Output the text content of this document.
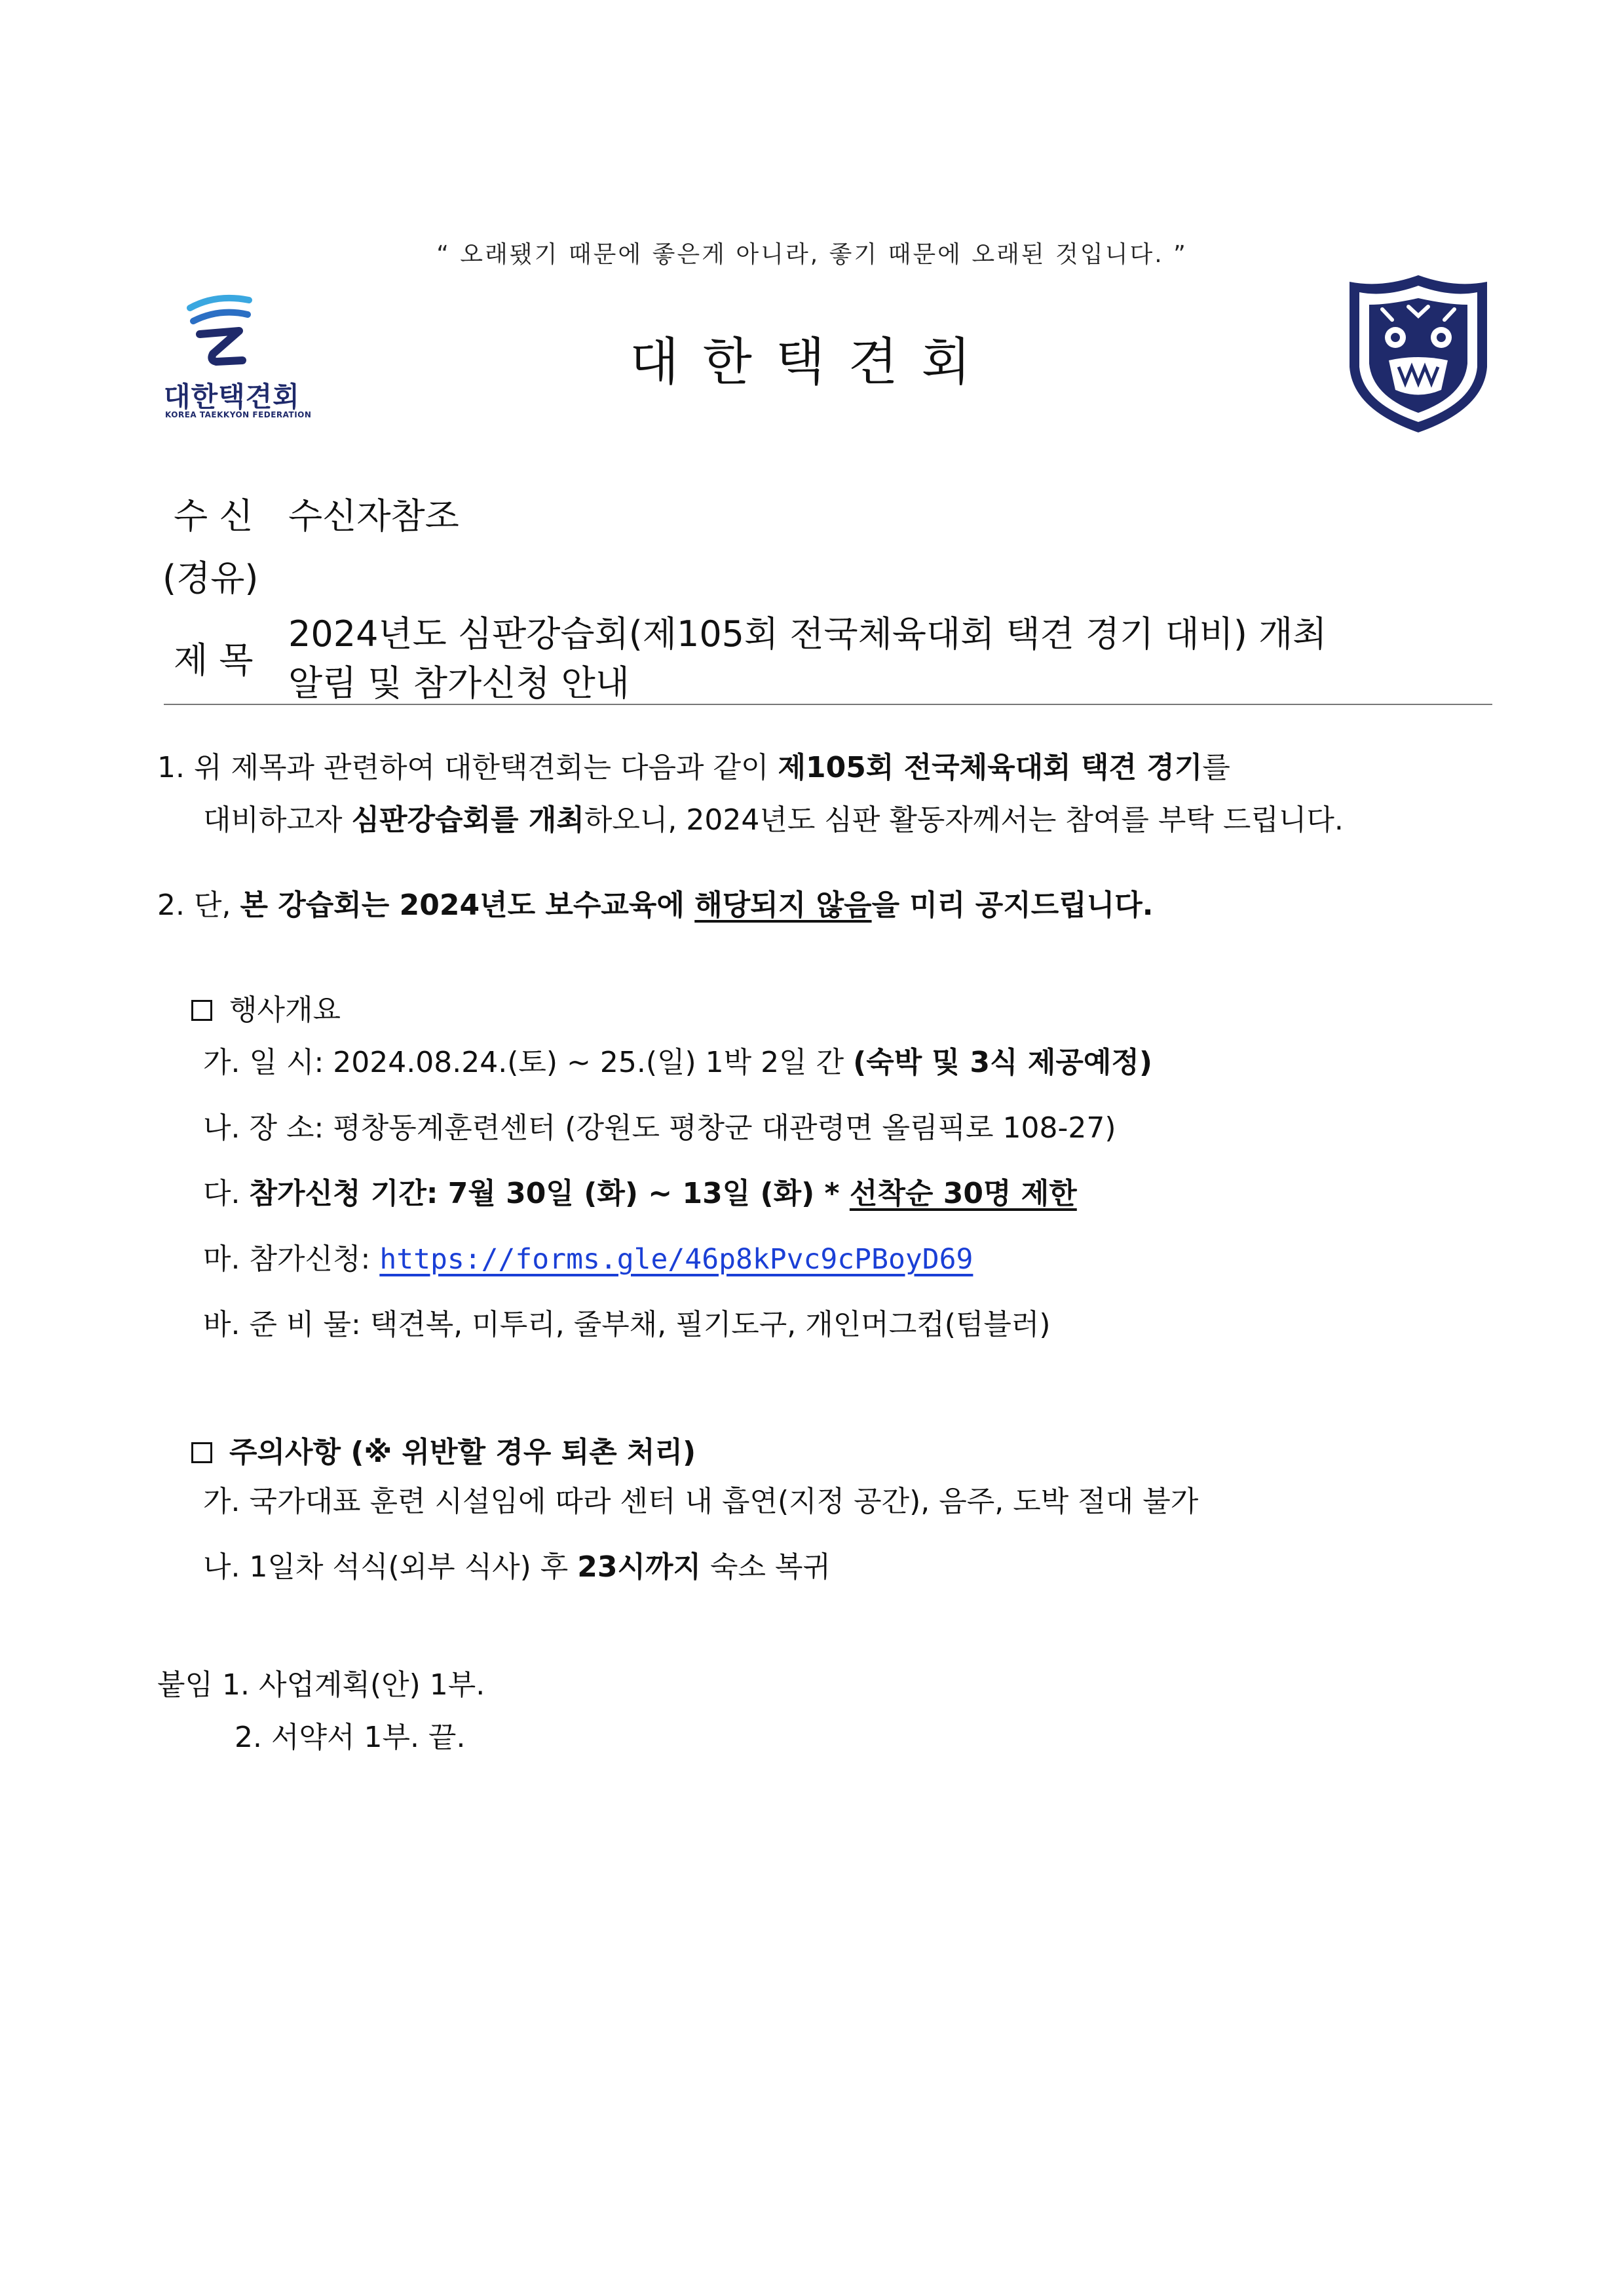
“ 오래됐기 때문에 좋은게 아니라, 좋기 때문에 오래된 것입니다. ”
대한택견회
KOREA TAEKKYON FEDERATION
대한택견회
수 신 수신자참조
(경유)
제 목
2024년도 심판강습회(제105회 전국체육대회 택견 경기 대비) 개최
알림 및 참가신청 안내
1. 위 제목과 관련하여 대한택견회는 다음과 같이 제105회 전국체육대회 택견 경기를
대비하고자 심판강습회를 개최하오니, 2024년도 심판 활동자께서는 참여를 부탁 드립니다.
2. 단, 본 강습회는 2024년도 보수교육에 해당되지 않음을 미리 공지드립니다.
행사개요
가. 일 시: 2024.08.24.(토) ~ 25.(일) 1박 2일 간 (숙박 및 3식 제공예정)
나. 장 소: 평창동계훈련센터 (강원도 평창군 대관령면 올림픽로 108-27)
다. 참가신청 기간: 7월 30일 (화) ~ 13일 (화) * 선착순 30명 제한
마. 참가신청: https://forms.gle/46p8kPvc9cPBoyD69
바. 준 비 물: 택견복, 미투리, 줄부채, 필기도구, 개인머그컵(텀블러)
주의사항 (※ 위반할 경우 퇴촌 처리)
가. 국가대표 훈련 시설임에 따라 센터 내 흡연(지정 공간), 음주, 도박 절대 불가
나. 1일차 석식(외부 식사) 후 23시까지 숙소 복귀
붙임 1. 사업계획(안) 1부.
2. 서약서 1부. 끝.
